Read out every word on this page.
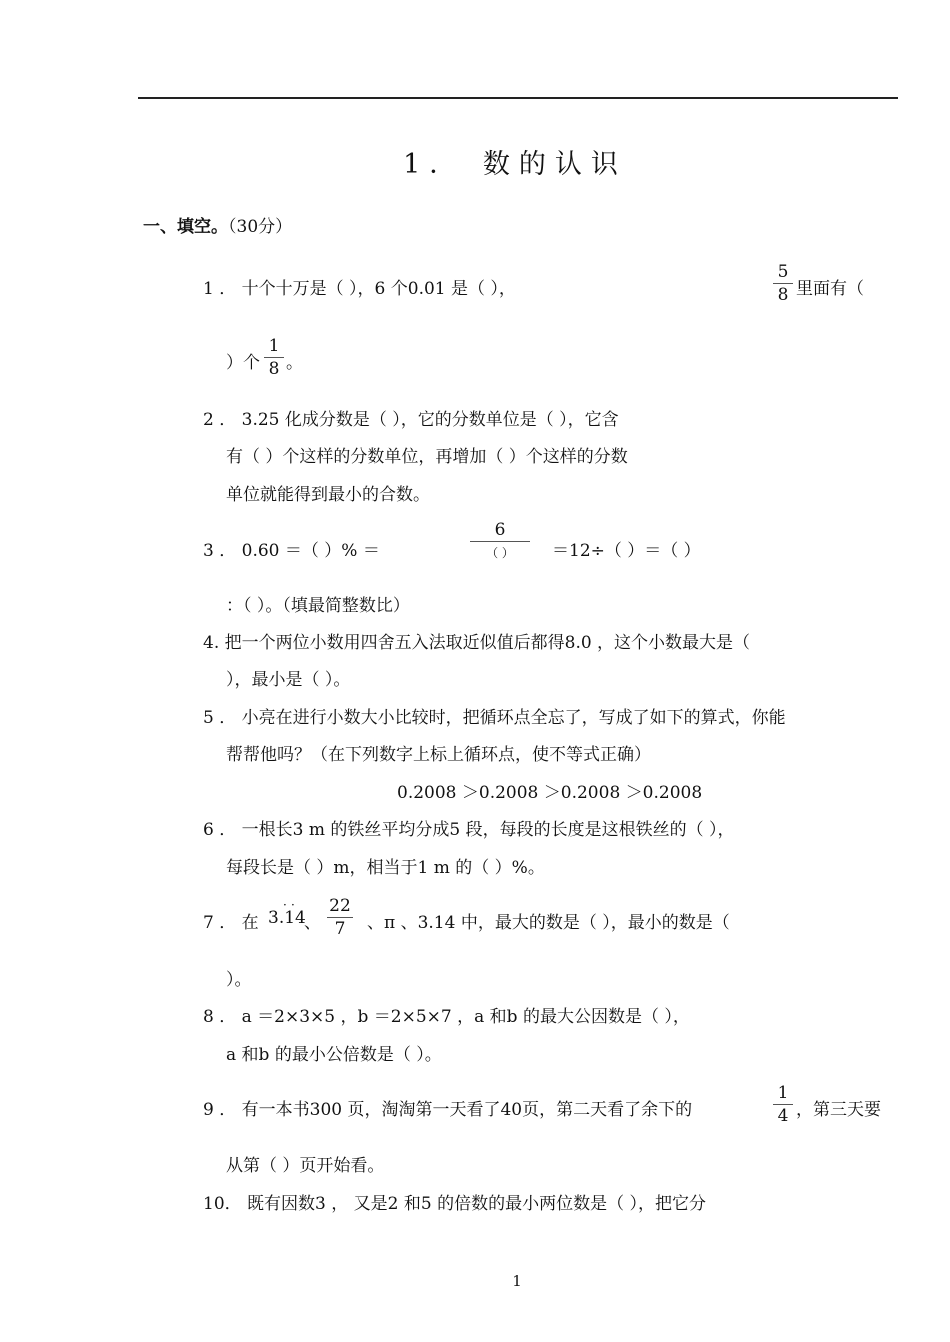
1． 数的认识
一、填空。（30分）
1 ． 十个十万是（ ），6 个0.01 是（ ），
5
8 里面有（
）个
1
8 。
2 ． 3.25 化成分数是（ ），它的分数单位是（ ），它含
有（ ）个这样的分数单位，再增加（ ）个这样的分数
单位就能得到最小的合数。
3 ． 0.60 ＝（ ）% ＝
6
（ ）	＝12÷（ ）＝（ ）
：（ ）。（填最简整数比）
4. 把一个两位小数用四舍五入法取近似值后都得8.0 ，这个小数最大是（
），最小是（ ）。
5 ． 小亮在进行小数大小比较时，把循环点全忘了，写成了如下的算式，你能
帮帮他吗？（在下列数字上标上循环点，使不等式正确）
0.2008 ＞0.2008 ＞0.2008 ＞0.2008
6 ． 一根长3 m 的铁丝平均分成5 段，每段的长度是这根铁丝的（ ），
每段长是（ ）m，相当于1 m 的（ ）%。
7 ． 在 3.14
· ·
、
22
7	、π 、3.14 中，最大的数是（ ），最小的数是（
）。
8 ． a ＝2×3×5 ，b ＝2×5×7 ，a 和b 的最大公因数是（ ），
a 和b 的最小公倍数是（ ）。
9 ． 有一本书300 页，淘淘第一天看了40页，第二天看了余下的
1
4 ，第三天要
从第（ ）页开始看。
10． 既有因数3 ， 又是2 和5 的倍数的最小两位数是（ ），把它分
1
